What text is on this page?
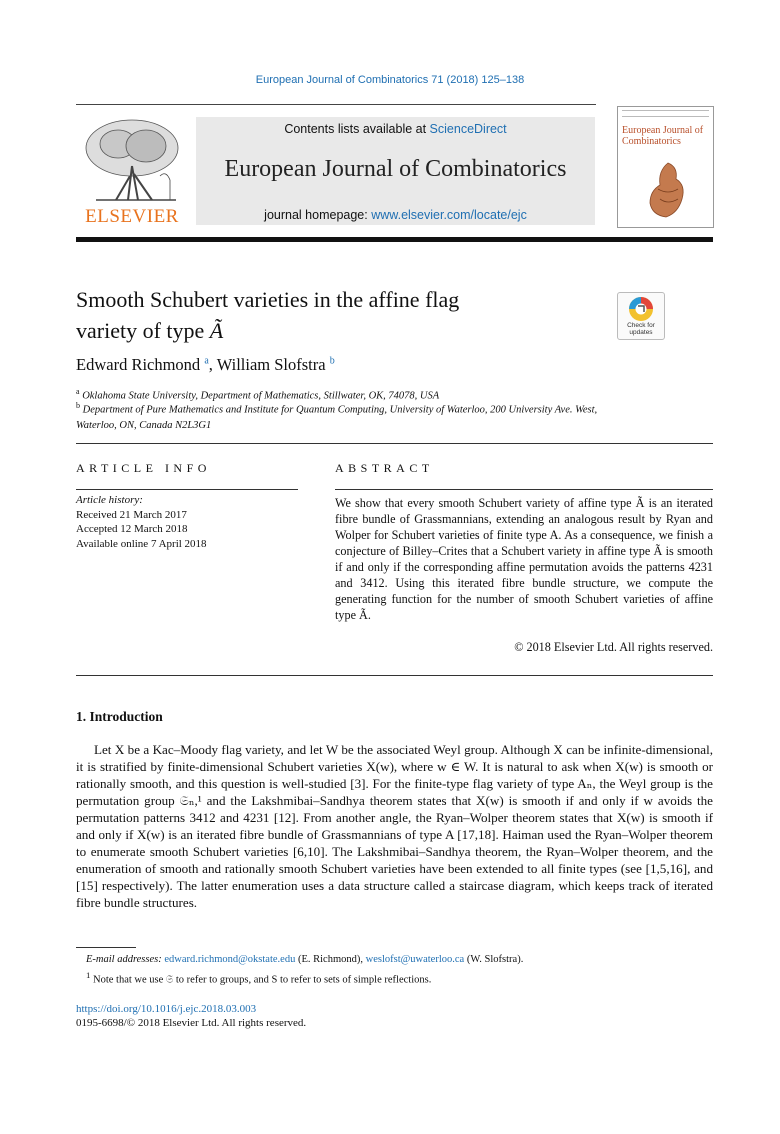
European Journal of Combinatorics 71 (2018) 125–138
ELSEVIER
Contents lists available at ScienceDirect
European Journal of Combinatorics
journal homepage: www.elsevier.com/locate/ejc
European Journal of Combinatorics
Smooth Schubert varieties in the affine flag
variety of type Ã	Check for updates
Edward Richmond $^a$, William Slofstra $^b$
$^a$ Oklahoma State University, Department of Mathematics, Stillwater, OK, 74078, USA
$^b$ Department of Pure Mathematics and Institute for Quantum Computing, University of Waterloo, 200 University Ave. West, Waterloo, ON, Canada N2L3G1
ARTICLE INFO	ABSTRACT
Article history:
Received 21 March 2017
Accepted 12 March 2018
Available online 7 April 2018
We show that every smooth Schubert variety of affine type Ã is an iterated fibre bundle of Grassmannians, extending an analogous result by Ryan and Wolper for Schubert varieties of finite type A. As a consequence, we finish a conjecture of Billey–Crites that a Schubert variety in affine type Ã is smooth if and only if the corresponding affine permutation avoids the patterns 4231 and 3412. Using this iterated fibre bundle structure, we compute the generating function for the number of smooth Schubert varieties of affine type Ã.
© 2018 Elsevier Ltd. All rights reserved.
1. Introduction
Let X be a Kac–Moody flag variety, and let W be the associated Weyl group. Although X can be infinite-dimensional, it is stratified by finite-dimensional Schubert varieties X(w), where w ∈ W. It is natural to ask when X(w) is smooth or rationally smooth, and this question is well-studied [3]. For the finite-type flag variety of type Aₙ, the Weyl group is the permutation group 𝔖ₙ,¹ and the Lakshmibai–Sandhya theorem states that X(w) is smooth if and only if w avoids the permutation patterns 3412 and 4231 [12]. From another angle, the Ryan–Wolper theorem states that X(w) is smooth if and only if X(w) is an iterated fibre bundle of Grassmannians of type A [17,18]. Haiman used the Ryan–Wolper theorem to enumerate smooth Schubert varieties [6,10]. The Lakshmibai–Sandhya theorem, the Ryan–Wolper theorem, and the enumeration of smooth and rationally smooth Schubert varieties have been extended to all finite types (see [1,5,16], and [15] respectively). The latter enumeration uses a data structure called a staircase diagram, which keeps track of iterated fibre bundle structures.
E-mail addresses: edward.richmond@okstate.edu (E. Richmond), weslofst@uwaterloo.ca (W. Slofstra).
$^1$ Note that we use 𝔖 to refer to groups, and S to refer to sets of simple reflections.
https://doi.org/10.1016/j.ejc.2018.03.003
0195-6698/© 2018 Elsevier Ltd. All rights reserved.
